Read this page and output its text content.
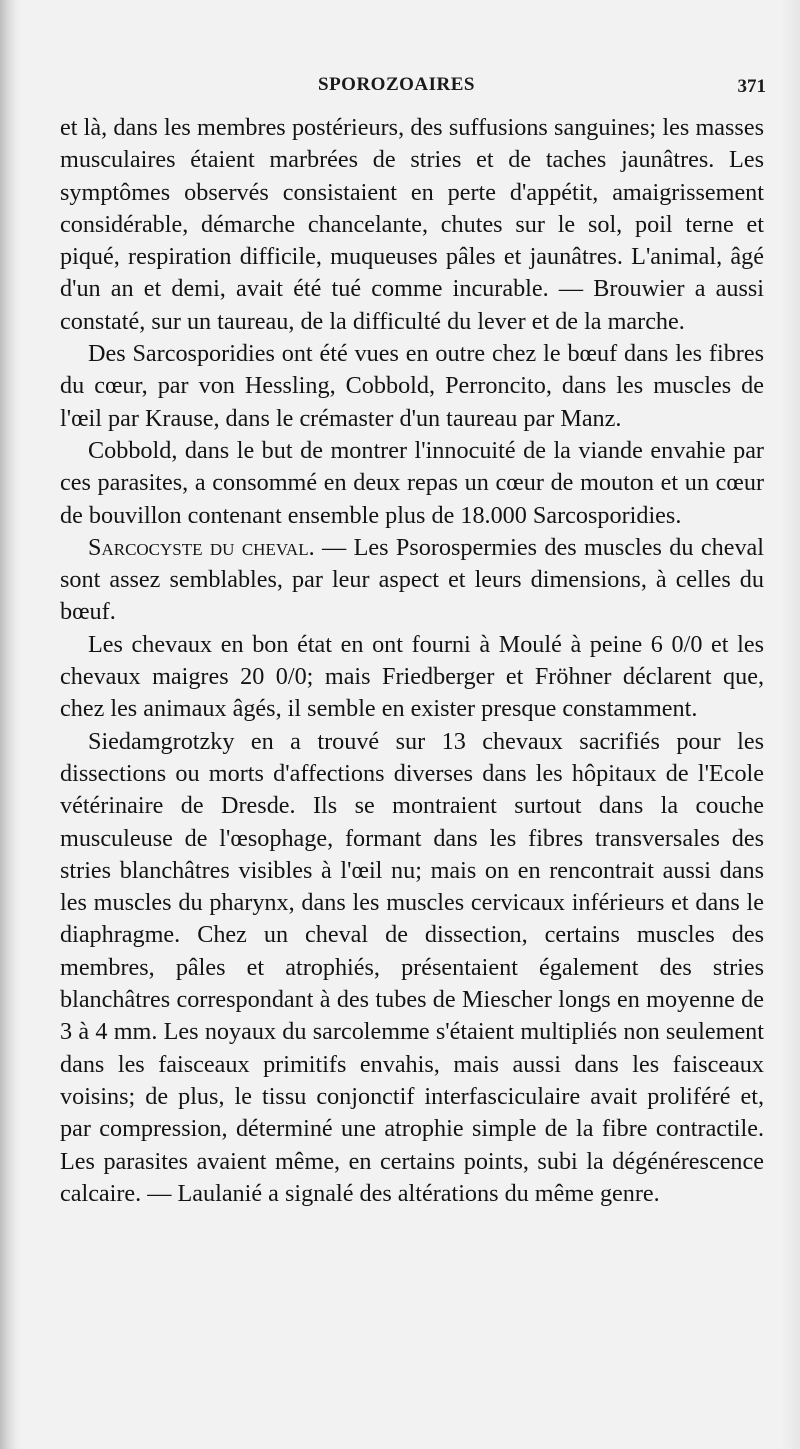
SPOROZOAIRES	371

et là, dans les membres postérieurs, des suffusions sanguines; les masses musculaires étaient marbrées de stries et de taches jaunâtres. Les symptômes observés consistaient en perte d'appétit, amaigrissement considérable, démarche chancelante, chutes sur le sol, poil terne et piqué, respiration difficile, muqueuses pâles et jaunâtres. L'animal, âgé d'un an et demi, avait été tué comme incurable. — Brouwier a aussi constaté, sur un taureau, de la difficulté du lever et de la marche.

Des Sarcosporidies ont été vues en outre chez le bœuf dans les fibres du cœur, par von Hessling, Cobbold, Perroncito, dans les muscles de l'œil par Krause, dans le crémaster d'un taureau par Manz.

Cobbold, dans le but de montrer l'innocuité de la viande envahie par ces parasites, a consommé en deux repas un cœur de mouton et un cœur de bouvillon contenant ensemble plus de 18.000 Sarcosporidies.

Sarcocyste du cheval. — Les Psorospermies des muscles du cheval sont assez semblables, par leur aspect et leurs dimensions, à celles du bœuf.

Les chevaux en bon état en ont fourni à Moulé à peine 6 0/0 et les chevaux maigres 20 0/0; mais Friedberger et Fröhner déclarent que, chez les animaux âgés, il semble en exister presque constamment.

Siedamgrotzky en a trouvé sur 13 chevaux sacrifiés pour les dissections ou morts d'affections diverses dans les hôpitaux de l'Ecole vétérinaire de Dresde. Ils se montraient surtout dans la couche musculeuse de l'œsophage, formant dans les fibres transversales des stries blanchâtres visibles à l'œil nu; mais on en rencontrait aussi dans les muscles du pharynx, dans les muscles cervicaux inférieurs et dans le diaphragme. Chez un cheval de dissection, certains muscles des membres, pâles et atrophiés, présentaient également des stries blanchâtres correspondant à des tubes de Miescher longs en moyenne de 3 à 4 mm. Les noyaux du sarcolemme s'étaient multipliés non seulement dans les faisceaux primitifs envahis, mais aussi dans les faisceaux voisins; de plus, le tissu conjonctif interfasciculaire avait proliféré et, par compression, déterminé une atrophie simple de la fibre contractile. Les parasites avaient même, en certains points, subi la dégénérescence calcaire. — Laulanié a signalé des altérations du même genre.
